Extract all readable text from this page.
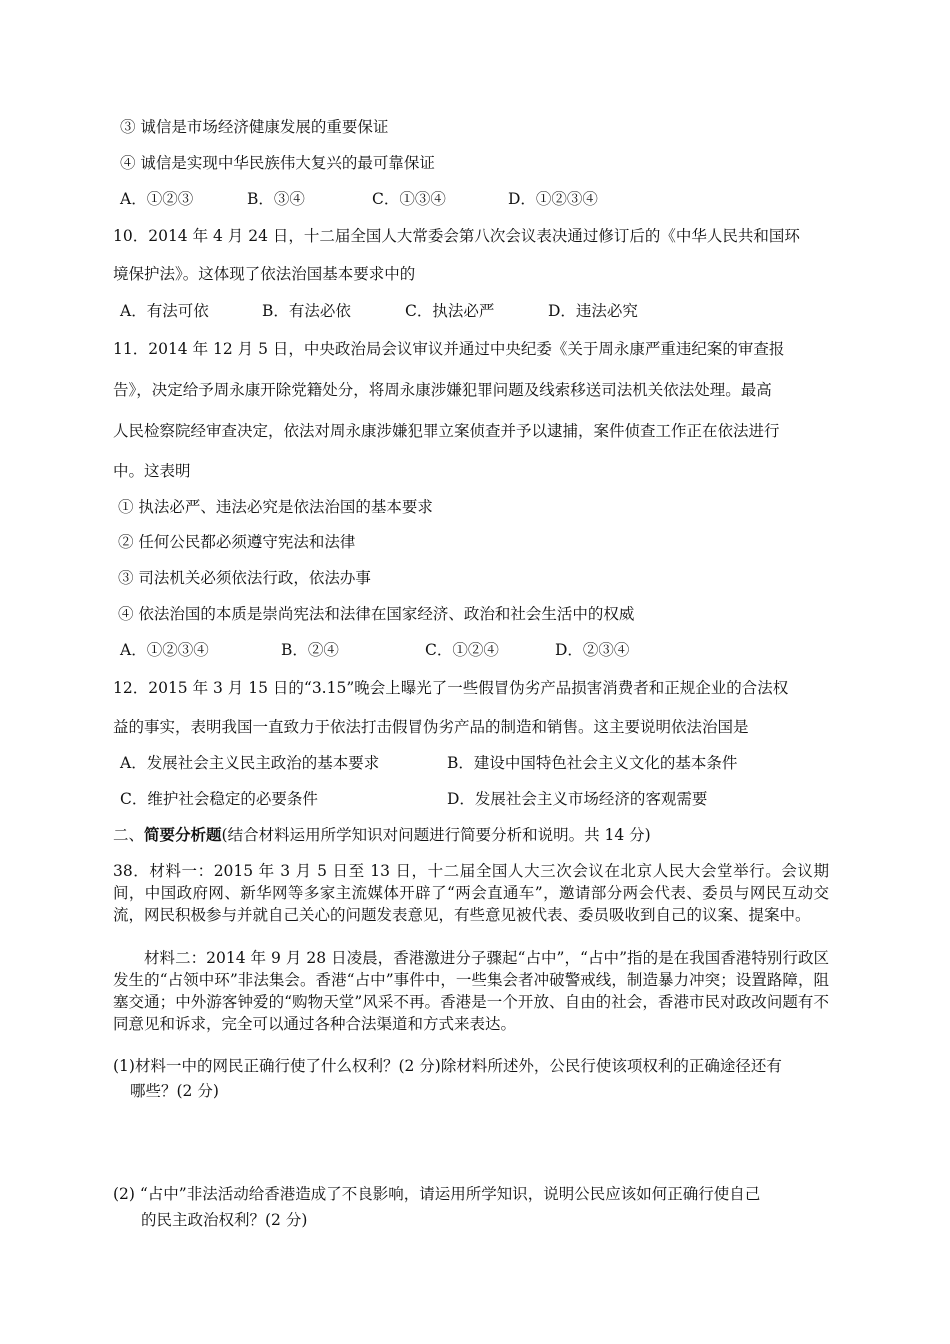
③ 诚信是市场经济健康发展的重要保证
④ 诚信是实现中华民族伟大复兴的最可靠保证
A．①②③	B．③④	C．①③④	D．①②③④
10．2014 年 4 月 24 日，十二届全国人大常委会第八次会议表决通过修订后的《中华人民共和国环
境保护法》。这体现了依法治国基本要求中的
A．有法可依	B．有法必依	C．执法必严	D．违法必究
11．2014 年 12 月 5 日，中央政治局会议审议并通过中央纪委《关于周永康严重违纪案的审查报
告》，决定给予周永康开除党籍处分，将周永康涉嫌犯罪问题及线索移送司法机关依法处理。最高
人民检察院经审查决定，依法对周永康涉嫌犯罪立案侦查并予以逮捕，案件侦查工作正在依法进行
中。这表明
① 执法必严、违法必究是依法治国的基本要求
② 任何公民都必须遵守宪法和法律
③ 司法机关必须依法行政，依法办事
④ 依法治国的本质是崇尚宪法和法律在国家经济、政治和社会生活中的权威
A．①②③④	B．②④	C．①②④	D．②③④
12．2015 年 3 月 15 日的“3.15”晚会上曝光了一些假冒伪劣产品损害消费者和正规企业的合法权
益的事实，表明我国一直致力于依法打击假冒伪劣产品的制造和销售。这主要说明依法治国是
A．发展社会主义民主政治的基本要求	B．建设中国特色社会主义文化的基本条件
C．维护社会稳定的必要条件	D．发展社会主义市场经济的客观需要
二、简要分析题(结合材料运用所学知识对问题进行简要分析和说明。共 14 分)
38．材料一：2015 年 3 月 5 日至 13 日，十二届全国人大三次会议在北京人民大会堂举行。会议期间，中国政府网、新华网等多家主流媒体开辟了“两会直通车”，邀请部分两会代表、委员与网民互动交流，网民积极参与并就自己关心的问题发表意见，有些意见被代表、委员吸收到自己的议案、提案中。
材料二：2014 年 9 月 28 日凌晨，香港激进分子骤起“占中”，“占中”指的是在我国香港特别行政区发生的“占领中环”非法集会。香港“占中”事件中，一些集会者冲破警戒线，制造暴力冲突；设置路障，阻塞交通；中外游客钟爱的“购物天堂”风采不再。香港是一个开放、自由的社会，香港市民对政改问题有不同意见和诉求，完全可以通过各种合法渠道和方式来表达。
(1)材料一中的网民正确行使了什么权利？(2 分)除材料所述外，公民行使该项权利的正确途径还有
哪些？(2 分)
(2) “占中”非法活动给香港造成了不良影响，请运用所学知识，说明公民应该如何正确行使自己
的民主政治权利？(2 分)
